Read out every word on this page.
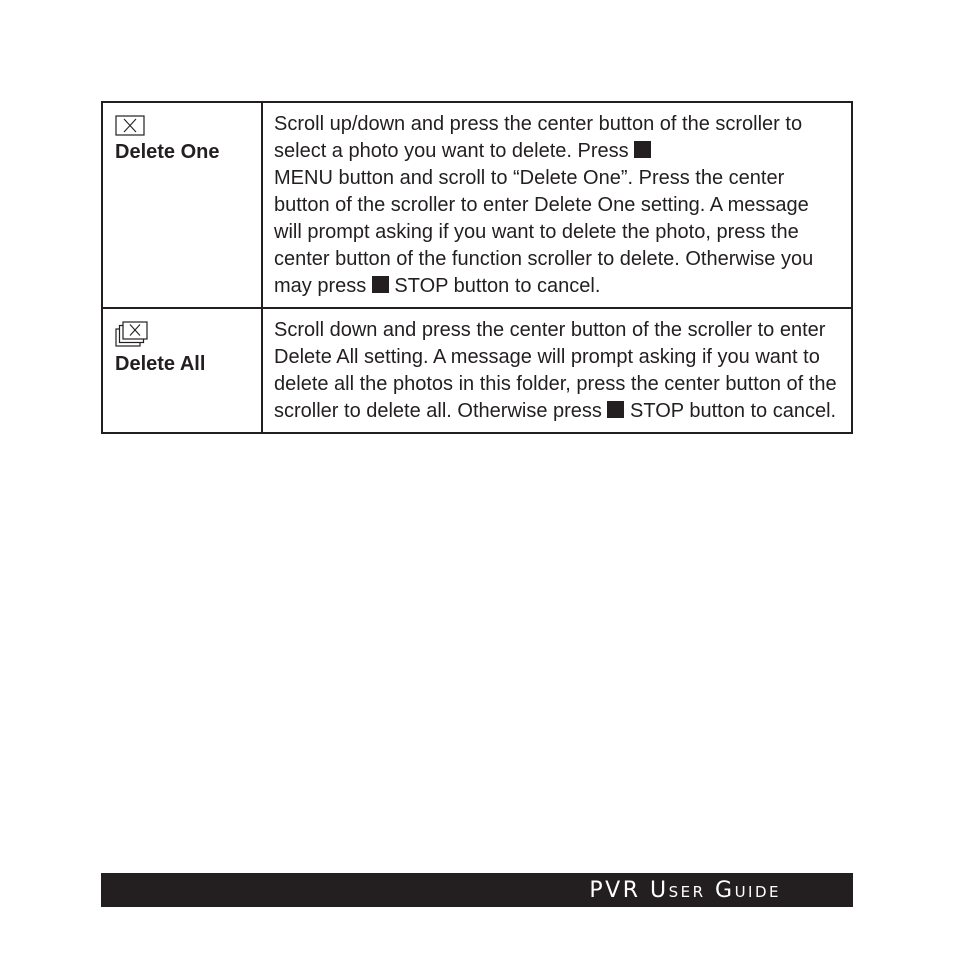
Delete One	Scroll up/down and press the center button of the scroller to select a photo you want to delete. Press
MENU button and scroll to “Delete One”. Press the center button of the scroller to enter Delete One setting. A message will prompt asking if you want to delete the photo, press the center button of the function scroller to delete. Otherwise you may press STOP button to cancel.

Delete All	Scroll down and press the center button of the scroller to enter Delete All setting. A message will prompt asking if you want to delete all the photos in this folder, press the center button of the scroller to delete all. Otherwise press STOP button to cancel.
PVR User Guide
